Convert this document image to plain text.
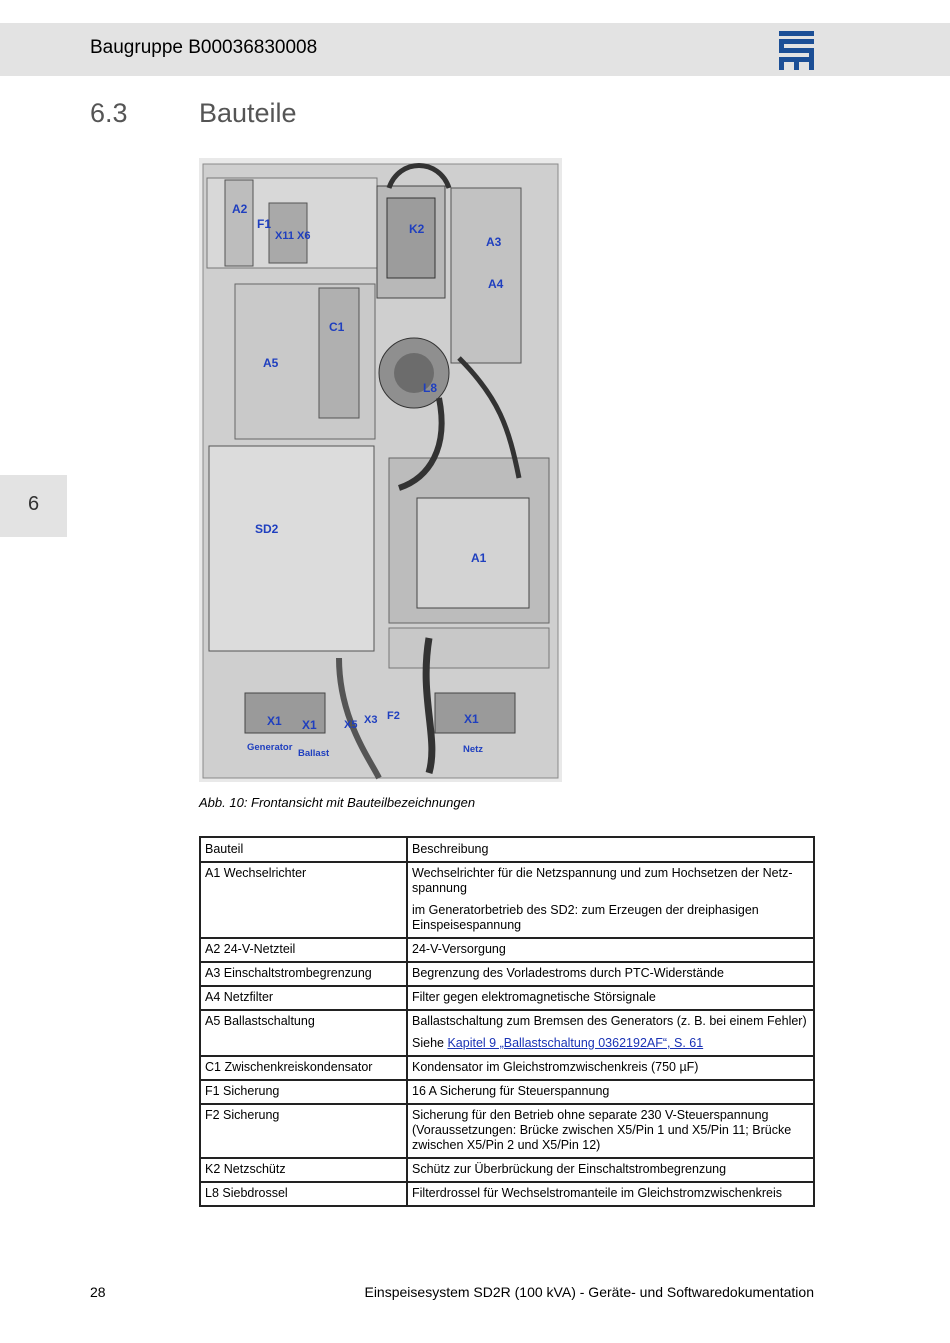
Baugruppe B00036830008
6.3	Bauteile
6
A2
F1
X11 X6	K2
A3
A4
C1
A5
L8
SD2
A1
X1 X1 X5 X3 F2	X1
Generator
Ballast	Netz
Abb. 10: Frontansicht mit Bauteilbezeichnungen
Bauteil	Beschreibung
A1 Wechselrichter	Wechselrichter für die Netzspannung und zum Hochsetzen der Netz-spannung
im Generatorbetrieb des SD2: zum Erzeugen der dreiphasigen Einspeisespannung

A2 24-V-Netzteil	24-V-Versorgung
A3 Einschaltstrombegrenzung	Begrenzung des Vorladestroms durch PTC-Widerstände
A4 Netzfilter	Filter gegen elektromagnetische Störsignale
A5 Ballastschaltung	Ballastschaltung zum Bremsen des Generators (z. B. bei einem Fehler)
Siehe Kapitel 9 „Ballastschaltung 0362192AF“, S. 61

C1 Zwischenkreiskondensator	Kondensator im Gleichstromzwischenkreis (750 µF)
F1 Sicherung	16 A Sicherung für Steuerspannung
F2 Sicherung	Sicherung für den Betrieb ohne separate 230 V-Steuerspannung (Voraussetzungen: Brücke zwischen X5/Pin 1 und X5/Pin 11; Brücke zwischen X5/Pin 2 und X5/Pin 12)
K2 Netzschütz	Schütz zur Überbrückung der Einschaltstrombegrenzung
L8 Siebdrossel	Filterdrossel für Wechselstromanteile im Gleichstromzwischenkreis
28	Einspeisesystem SD2R (100 kVA) - Geräte- und Softwaredokumentation
